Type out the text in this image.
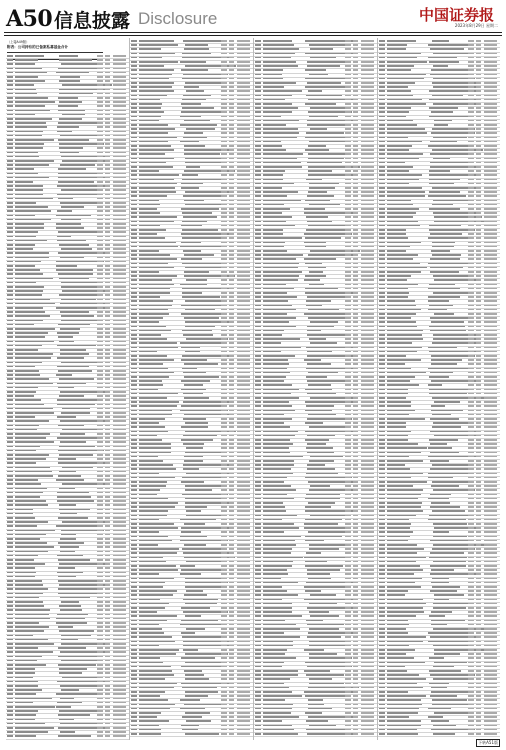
A50 信息披露 Disclosure	中国证券报
2023年8月29日 星期二
（上接A49版）
附表：公司持有的已备案私募基金合计
下转A51版
